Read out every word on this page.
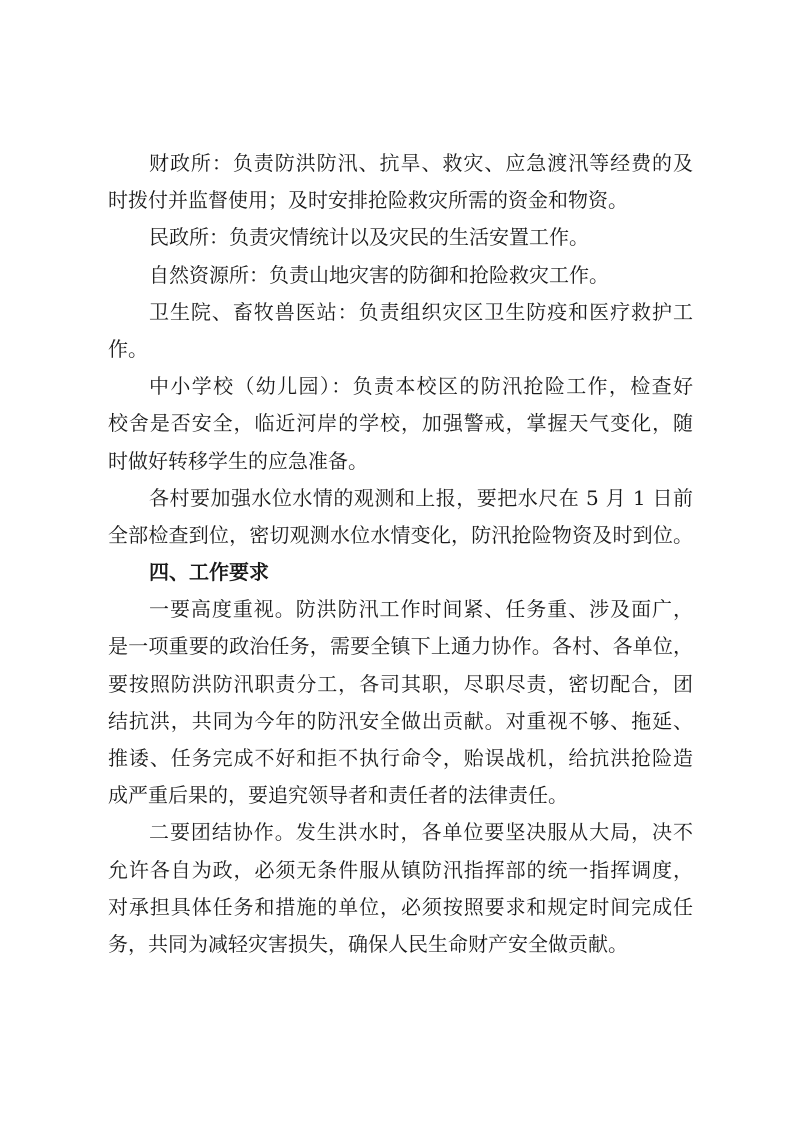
财政所：负责防洪防汛、抗旱、救灾、应急渡汛等经费的及
时拨付并监督使用；及时安排抢险救灾所需的资金和物资。
民政所：负责灾情统计以及灾民的生活安置工作。
自然资源所：负责山地灾害的防御和抢险救灾工作。
卫生院、畜牧兽医站：负责组织灾区卫生防疫和医疗救护工
作。
中小学校（幼儿园）：负责本校区的防汛抢险工作，检查好
校舍是否安全，临近河岸的学校，加强警戒，掌握天气变化，随
时做好转移学生的应急准备。
各村要加强水位水情的观测和上报，要把水尺在 5 月 1 日前
全部检查到位，密切观测水位水情变化，防汛抢险物资及时到位。
四、工作要求
一要高度重视。防洪防汛工作时间紧、任务重、涉及面广，
是一项重要的政治任务，需要全镇下上通力协作。各村、各单位，
要按照防洪防汛职责分工，各司其职，尽职尽责，密切配合，团
结抗洪，共同为今年的防汛安全做出贡献。对重视不够、拖延、
推诿、任务完成不好和拒不执行命令，贻误战机，给抗洪抢险造
成严重后果的，要追究领导者和责任者的法律责任。
二要团结协作。发生洪水时，各单位要坚决服从大局，决不
允许各自为政，必须无条件服从镇防汛指挥部的统一指挥调度，
对承担具体任务和措施的单位，必须按照要求和规定时间完成任
务，共同为减轻灾害损失，确保人民生命财产安全做贡献。
